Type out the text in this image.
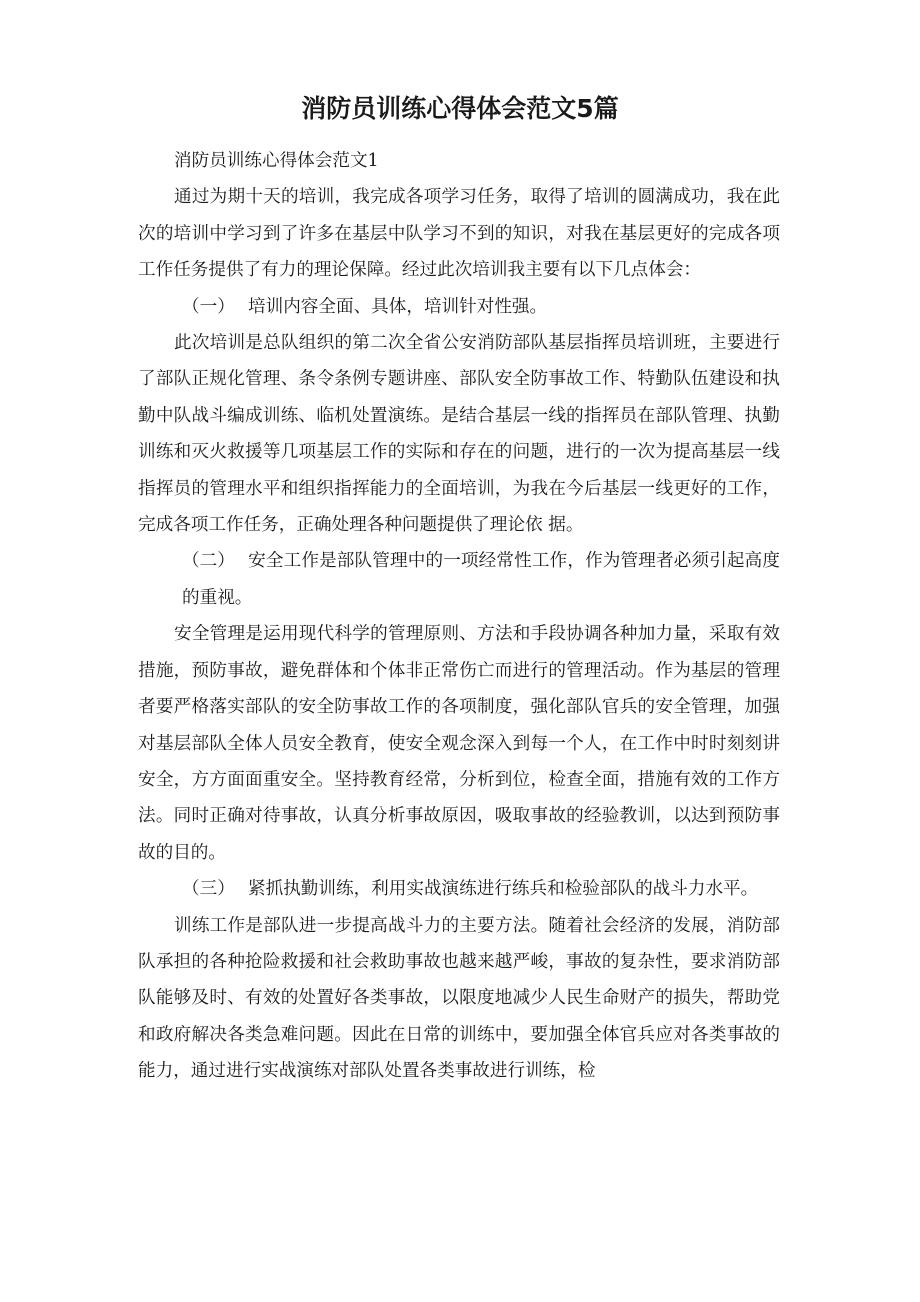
消防员训练心得体会范文5篇

消防员训练心得体会范文1

通过为期十天的培训，我完成各项学习任务，取得了培训的圆满成功，我在此次的培训中学习到了许多在基层中队学习不到的知识，对我在基层更好的完成各项工作任务提供了有力的理论保障。经过此次培训我主要有以下几点体会：

（一） 培训内容全面、具体，培训针对性强。

此次培训是总队组织的第二次全省公安消防部队基层指挥员培训班，主要进行了部队正规化管理、条令条例专题讲座、部队安全防事故工作、特勤队伍建设和执勤中队战斗编成训练、临机处置演练。是结合基层一线的指挥员在部队管理、执勤训练和灭火救援等几项基层工作的实际和存在的问题，进行的一次为提高基层一线指挥员的管理水平和组织指挥能力的全面培训，为我在今后基层一线更好的工作，完成各项工作任务，正确处理各种问题提供了理论依 据。

（二） 安全工作是部队管理中的一项经常性工作，作为管理者必须引起高度 的重视。

安全管理是运用现代科学的管理原则、方法和手段协调各种加力量，采取有效措施，预防事故，避免群体和个体非正常伤亡而进行的管理活动。作为基层的管理者要严格落实部队的安全防事故工作的各项制度，强化部队官兵的安全管理，加强对基层部队全体人员安全教育，使安全观念深入到每一个人，在工作中时时刻刻讲安全，方方面面重安全。坚持教育经常，分析到位，检查全面，措施有效的工作方法。同时正确对待事故，认真分析事故原因，吸取事故的经验教训，以达到预防事故的目的。

（三） 紧抓执勤训练，利用实战演练进行练兵和检验部队的战斗力水平。

训练工作是部队进一步提高战斗力的主要方法。随着社会经济的发展，消防部队承担的各种抢险救援和社会救助事故也越来越严峻，事故的复杂性，要求消防部队能够及时、有效的处置好各类事故，以限度地减少人民生命财产的损失，帮助党和政府解决各类急难问题。因此在日常的训练中，要加强全体官兵应对各类事故的能力，通过进行实战演练对部队处置各类事故进行训练，检
